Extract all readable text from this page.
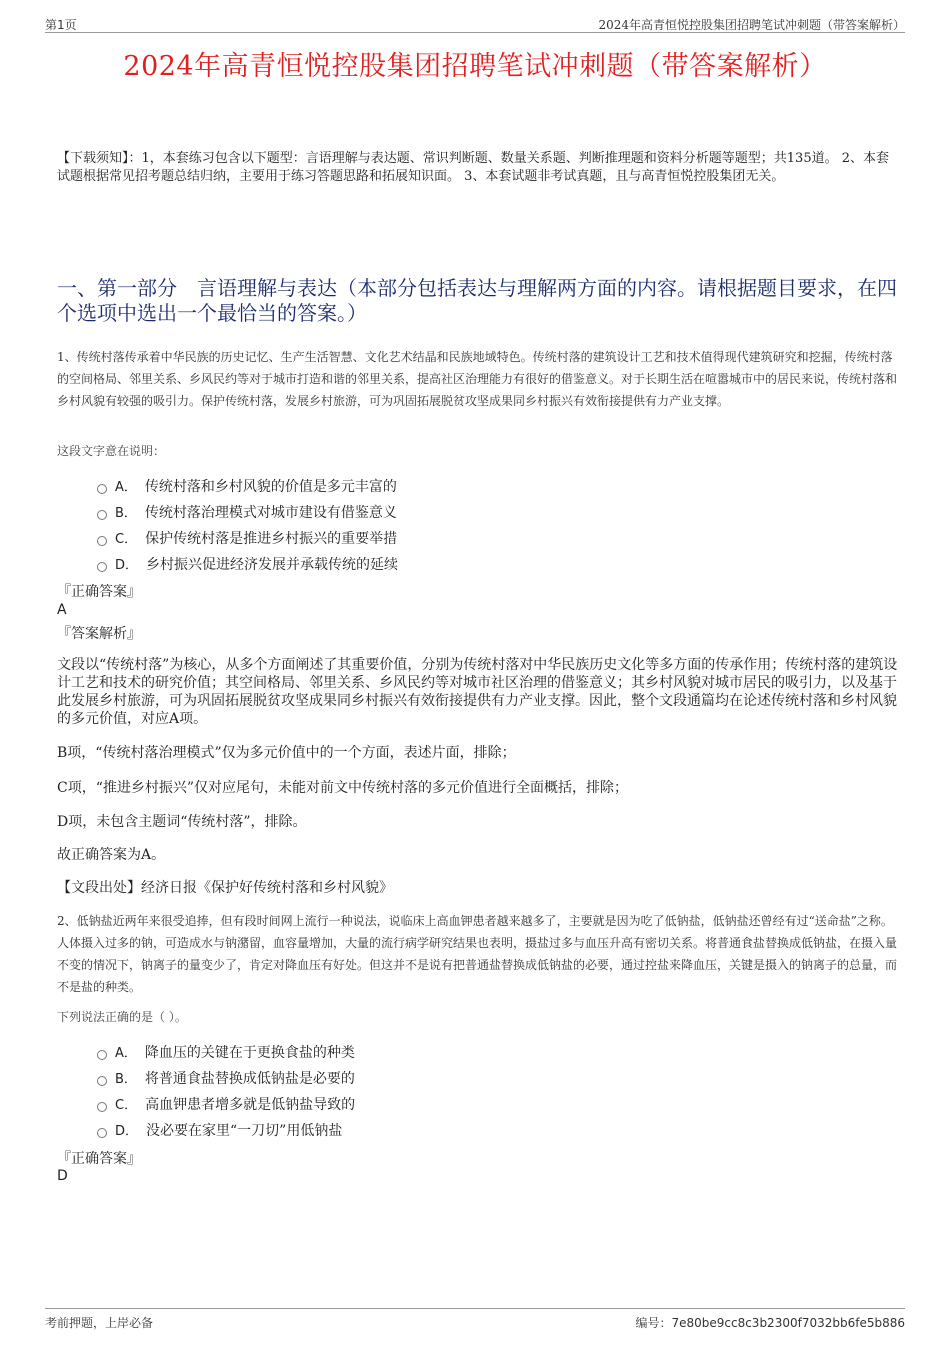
第1页	2024年高青恒悦控股集团招聘笔试冲刺题（带答案解析）
2024年高青恒悦控股集团招聘笔试冲刺题（带答案解析）
【下载须知】：1，本套练习包含以下题型：言语理解与表达题、常识判断题、数量关系题、判断推理题和资料分析题等题型；共135道。 2、本套试题根据常见招考题总结归纳，主要用于练习答题思路和拓展知识面。 3、本套试题非考试真题，且与高青恒悦控股集团无关。
一、第一部分　言语理解与表达（本部分包括表达与理解两方面的内容。请根据题目要求，在四个选项中选出一个最恰当的答案。）
1、传统村落传承着中华民族的历史记忆、生产生活智慧、文化艺术结晶和民族地域特色。传统村落的建筑设计工艺和技术值得现代建筑研究和挖掘，传统村落的空间格局、邻里关系、乡风民约等对于城市打造和谐的邻里关系，提高社区治理能力有很好的借鉴意义。对于长期生活在喧嚣城市中的居民来说，传统村落和乡村风貌有较强的吸引力。保护传统村落，发展乡村旅游，可为巩固拓展脱贫攻坚成果同乡村振兴有效衔接提供有力产业支撑。
这段文字意在说明：
A． 传统村落和乡村风貌的价值是多元丰富的
B． 传统村落治理模式对城市建设有借鉴意义
C． 保护传统村落是推进乡村振兴的重要举措
D． 乡村振兴促进经济发展并承载传统的延续
『正确答案』
A
『答案解析』
文段以“传统村落”为核心，从多个方面阐述了其重要价值，分别为传统村落对中华民族历史文化等多方面的传承作用；传统村落的建筑设计工艺和技术的研究价值；其空间格局、邻里关系、乡风民约等对城市社区治理的借鉴意义；其乡村风貌对城市居民的吸引力，以及基于此发展乡村旅游，可为巩固拓展脱贫攻坚成果同乡村振兴有效衔接提供有力产业支撑。因此，整个文段通篇均在论述传统村落和乡村风貌的多元价值，对应A项。
B项，“传统村落治理模式”仅为多元价值中的一个方面，表述片面，排除；
C项，“推进乡村振兴”仅对应尾句，未能对前文中传统村落的多元价值进行全面概括，排除；
D项，未包含主题词“传统村落”，排除。
故正确答案为A。
【文段出处】经济日报《保护好传统村落和乡村风貌》
2、低钠盐近两年来很受追捧，但有段时间网上流行一种说法，说临床上高血钾患者越来越多了，主要就是因为吃了低钠盐，低钠盐还曾经有过“送命盐”之称。人体摄入过多的钠，可造成水与钠潴留，血容量增加，大量的流行病学研究结果也表明，摄盐过多与血压升高有密切关系。将普通食盐替换成低钠盐，在摄入量不变的情况下，钠离子的量变少了，肯定对降血压有好处。但这并不是说有把普通盐替换成低钠盐的必要，通过控盐来降血压，关键是摄入的钠离子的总量，而不是盐的种类。
下列说法正确的是（ ）。
A． 降血压的关键在于更换食盐的种类
B． 将普通食盐替换成低钠盐是必要的
C． 高血钾患者增多就是低钠盐导致的
D． 没必要在家里“一刀切”用低钠盐
『正确答案』
D
考前押题，上岸必备	编号：7e80be9cc8c3b2300f7032bb6fe5b886
